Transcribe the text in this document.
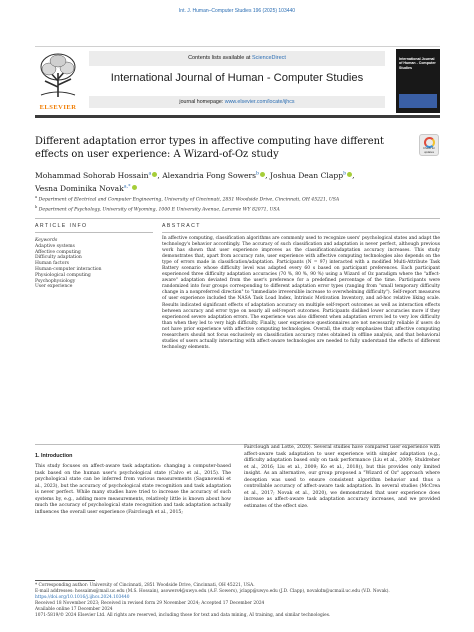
Int. J. Human–Computer Studies 196 (2025) 103440
ELSEVIER
Contents lists available at ScienceDirect
International Journal of Human - Computer Studies
journal homepage: www.elsevier.com/locate/ijhcs
International Journal of Human - Computer Studies
Different adaptation error types in affective computing have different effects on user experience: A Wizard-of-Oz study
Check for updates
Mohammad Sohorab Hossain$^a$ , Alexandria Fong Sowers$^b$ , Joshua Dean Clapp$^b$ ,
Vesna Dominika Novak$^{a,*}$
$^a$ Department of Electrical and Computer Engineering, University of Cincinnati, 2851 Woodside Drive, Cincinnati, OH 45221, USA
$^b$ Department of Psychology, University of Wyoming, 1000 E University Avenue, Laramie WY 82071, USA
ARTICLE INFO	ABSTRACT
Keywords
Adaptive systems
Affective computing
Difficulty adaptation
Human factors
Human-computer interaction
Physiological computing
Psychophysiology
User experience
In affective computing, classification algorithms are commonly used to recognize users' psychological states and adapt the technology's behavior accordingly. The accuracy of such classification and adaptation is never perfect, although previous work has shown that user experience improves as the classification/adaptation accuracy increases. This study demonstrates that, apart from accuracy rate, user experience with affective computing technologies also depends on the type of errors made in classification/adaptation. Participants (N = 97) interacted with a modified Multi-Attribute Task Battery scenario whose difficulty level was adapted every 60 s based on participant preferences. Each participant experienced three difficulty adaptation accuracies (70 %, 80 %, 90 %) using a Wizard of Oz paradigm where the "affect-aware" adaptation deviated from the user's preference for a predefined percentage of the time. Participants were randomized into four groups corresponding to different adaptation error types (ranging from "small temporary difficulty change in a nonpreferred direction" to "immediate irreversible increase to overwhelming difficulty"). Self-report measures of user experience included the NASA Task Load Index, Intrinsic Motivation Inventory, and ad-hoc relative liking scale. Results indicated significant effects of adaptation accuracy on multiple self-report outcomes as well as interaction effects between accuracy and error type on nearly all self-report outcomes. Participants disliked lower accuracies more if they experienced severe adaptation errors. The experience was also different when adaptation errors led to very low difficulty than when they led to very high difficulty. Finally, user experience questionnaires are not necessarily reliable if users do not have prior experience with affective computing technologies. Overall, the study emphasizes that affective computing researchers should not focus exclusively on classification accuracy rates obtained in offline analysis, and that behavioral studies of users actually interacting with affect-aware technologies are needed to fully understand the effects of different technology elements.
1. Introduction
This study focuses on affect-aware task adaptation: changing a computer-based task based on the human user's psychological state (Calvo et al., 2015). The psychological state can be inferred from various measurements (Saganowski et al., 2023), but the accuracy of psychological state recognition and task adaptation is never perfect. While many studies have tried to increase the accuracy of such systems by, e.g., adding more measurements, relatively little is known about how much the accuracy of psychological state recognition and task adaptation actually influences the overall user experience (Fairclough et al., 2015;
Fairclough and Lotte, 2020). Several studies have compared user experience with affect-aware task adaptation to user experience with simpler adaptation (e.g., difficulty adaptation based only on task performance (Liu et al., 2009; Stuldreher et al., 2016; Liu et al., 2009; Ko et al., 2018)), but this provides only limited insight. As an alternative, our group proposed a "Wizard of Oz" approach where deception was used to ensure consistent algorithm behavior and thus a controllable accuracy of affect-aware task adaptation. In several studies (McCrea et al., 2017; Novak et al., 2020), we demonstrated that user experience does increase as affect-aware task adaptation accuracy increases, and we provided estimates of the effect size.
* Corresponding author: University of Cincinnati, 2851 Woodside Drive, Cincinnati, OH 45221, USA.
E-mail addresses: hossaims@mail.uc.edu (M.S. Hossain), asowers4@uwyo.edu (A.F. Sowers), jclapp@uwyo.edu (J.D. Clapp), novakdn@ucmail.uc.edu (V.D. Novak).
https://doi.org/10.1016/j.ijhcs.2024.103440
Received 18 November 2023; Received in revised form 29 November 2024; Accepted 17 December 2024
Available online 17 December 2024
1071-5819/© 2024 Elsevier Ltd. All rights are reserved, including those for text and data mining, AI training, and similar technologies.
